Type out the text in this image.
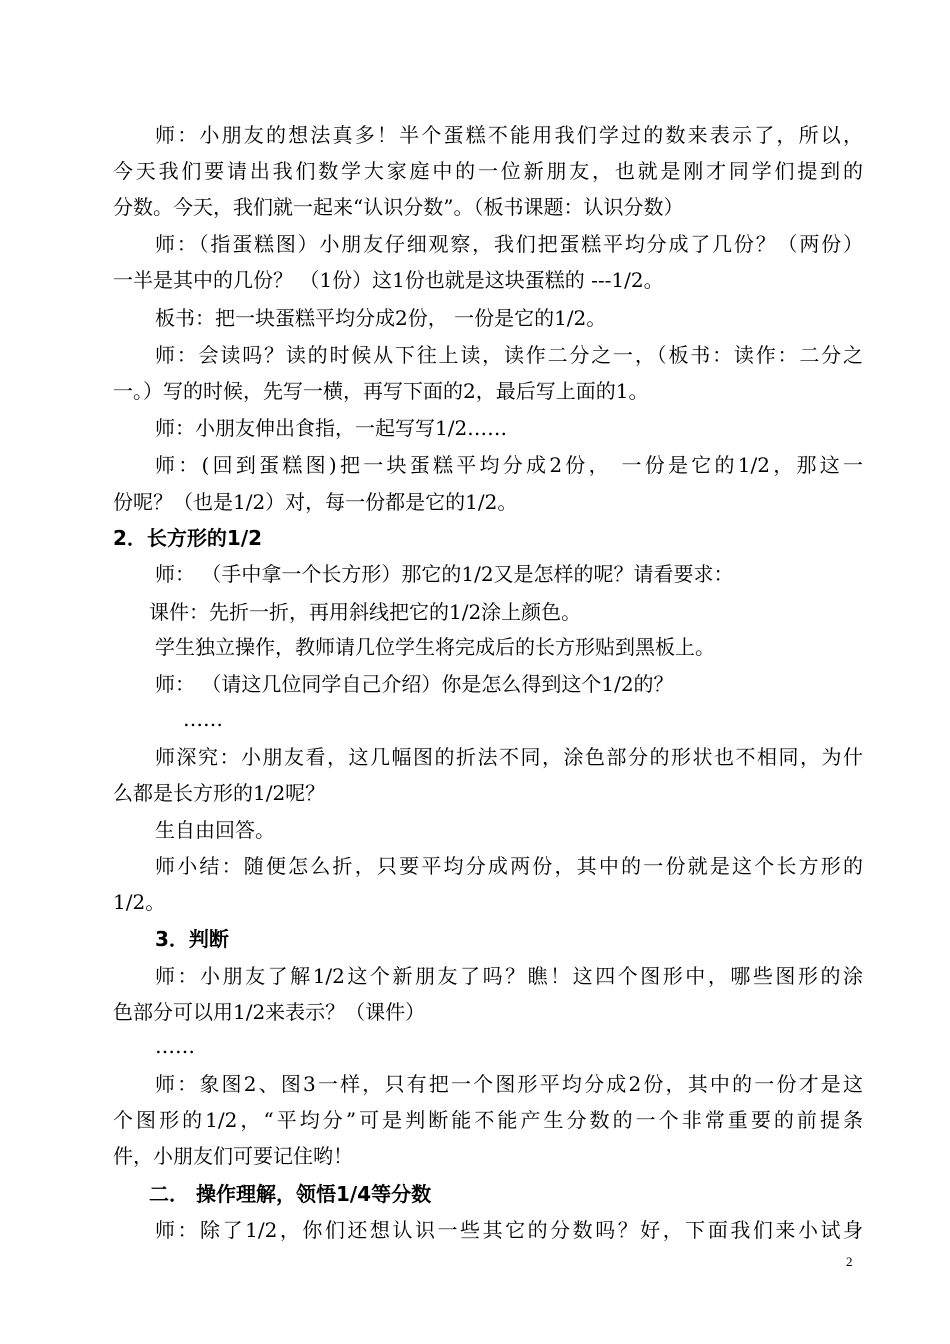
师：小朋友的想法真多！半个蛋糕不能用我们学过的数来表示了，所以，
今天我们要请出我们数学大家庭中的一位新朋友，也就是刚才同学们提到的
分数。今天，我们就一起来“认识分数”。（板书课题：认识分数）
师：（指蛋糕图）小朋友仔细观察，我们把蛋糕平均分成了几份？（两份）
一半是其中的几份？ （1份）这1份也就是这块蛋糕的 ---1/2。
板书：把一块蛋糕平均分成2份， 一份是它的1/2。
师：会读吗？读的时候从下往上读，读作二分之一，（板书：读作：二分之
一。）写的时候，先写一横，再写下面的2，最后写上面的1。
师：小朋友伸出食指，一起写写1/2……
师：(回到蛋糕图)把一块蛋糕平均分成2份， 一份是它的1/2，那这一
份呢？（也是1/2）对，每一份都是它的1/2。
2．长方形的1/2
师： （手中拿一个长方形）那它的1/2又是怎样的呢？请看要求：
课件：先折一折，再用斜线把它的1/2涂上颜色。
学生独立操作，教师请几位学生将完成后的长方形贴到黑板上。
师： （请这几位同学自己介绍）你是怎么得到这个1/2的？
……
师深究：小朋友看，这几幅图的折法不同，涂色部分的形状也不相同，为什
么都是长方形的1/2呢？
生自由回答。
师小结：随便怎么折，只要平均分成两份，其中的一份就是这个长方形的
1/2。
3．判断
师：小朋友了解1/2这个新朋友了吗？瞧！这四个图形中，哪些图形的涂
色部分可以用1/2来表示？（课件）
……
师：象图2、图3一样，只有把一个图形平均分成2份，其中的一份才是这
个图形的1/2，“平均分”可是判断能不能产生分数的一个非常重要的前提条
件，小朋友们可要记住哟！
二． 操作理解，领悟1/4等分数
师：除了1/2，你们还想认识一些其它的分数吗？好，下面我们来小试身
2
